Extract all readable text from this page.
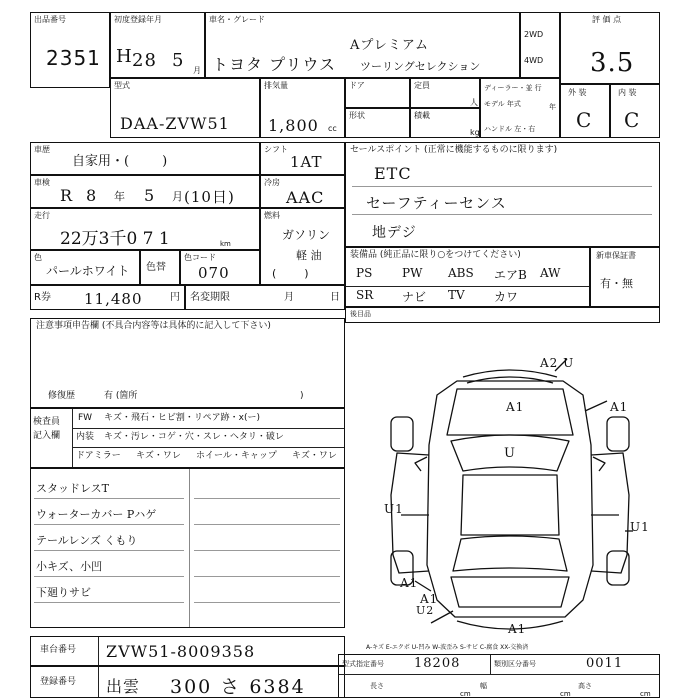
出品番号
2351
初度登録年月
H 28 5 月
車名・グレード
トヨタ プリウス
Aプレミアム
ツーリングセレクション
2WD
4WD
評 価 点
3.5
型式
DAA-ZVW51
排気量
1,800 cc
ドア	定員
人
形状	積載
kg
ディーラー・並 行
モデル 年式	年
ハンドル 左・右
外 装
C
内 装
C
車歴
自家用・(        )
シフト
1AT
車検
R 8 年 5 月 (10日)
冷房
AAC
走行
22万3千0 7 1	km
燃料
ガソリン
軽 油
(        )
色
パールホワイト 色替
色コード
070
R券 11,480	円 名変期限	月	日
セールスポイント (正常に機能するものに限ります)
ETC
セーフティーセンス
地デジ
装備品 (純正品に限り○をつけてください)
PS PW ABS エアB AW
SR ナビ TV カワ
新車保証書
有・無
後目品
注意事項申告欄 (不具合内容等は具体的に記入して下さい)
修復歴	有 (箇所	)
検査員
記入欄
FW キズ・飛石・ヒビ割・リペア跡・x(ー)
内装 キズ・汚レ・コゲ・穴・スレ・ヘタリ・破レ
ドアミラー キズ・ワレ ホイール・キャップ キズ・ワレ
スタッドレスT
ウォーターカバー Pハゲ
テールレンズ くもり
小キズ、小凹
下廻りサビ
A2 U
A1	A1
U
U1
U1
A1
A1
U2
A1
A-キズ E-エクボ U-凹み W-波歪み S-サビ C-腐食 XX-交換済
車台番号 ZVW51-8009358
登録番号 出雲 300 さ 6384
型式指定番号 18208	類別区分番号	0011
長さ
cm
幅
cm
高さ
cm
